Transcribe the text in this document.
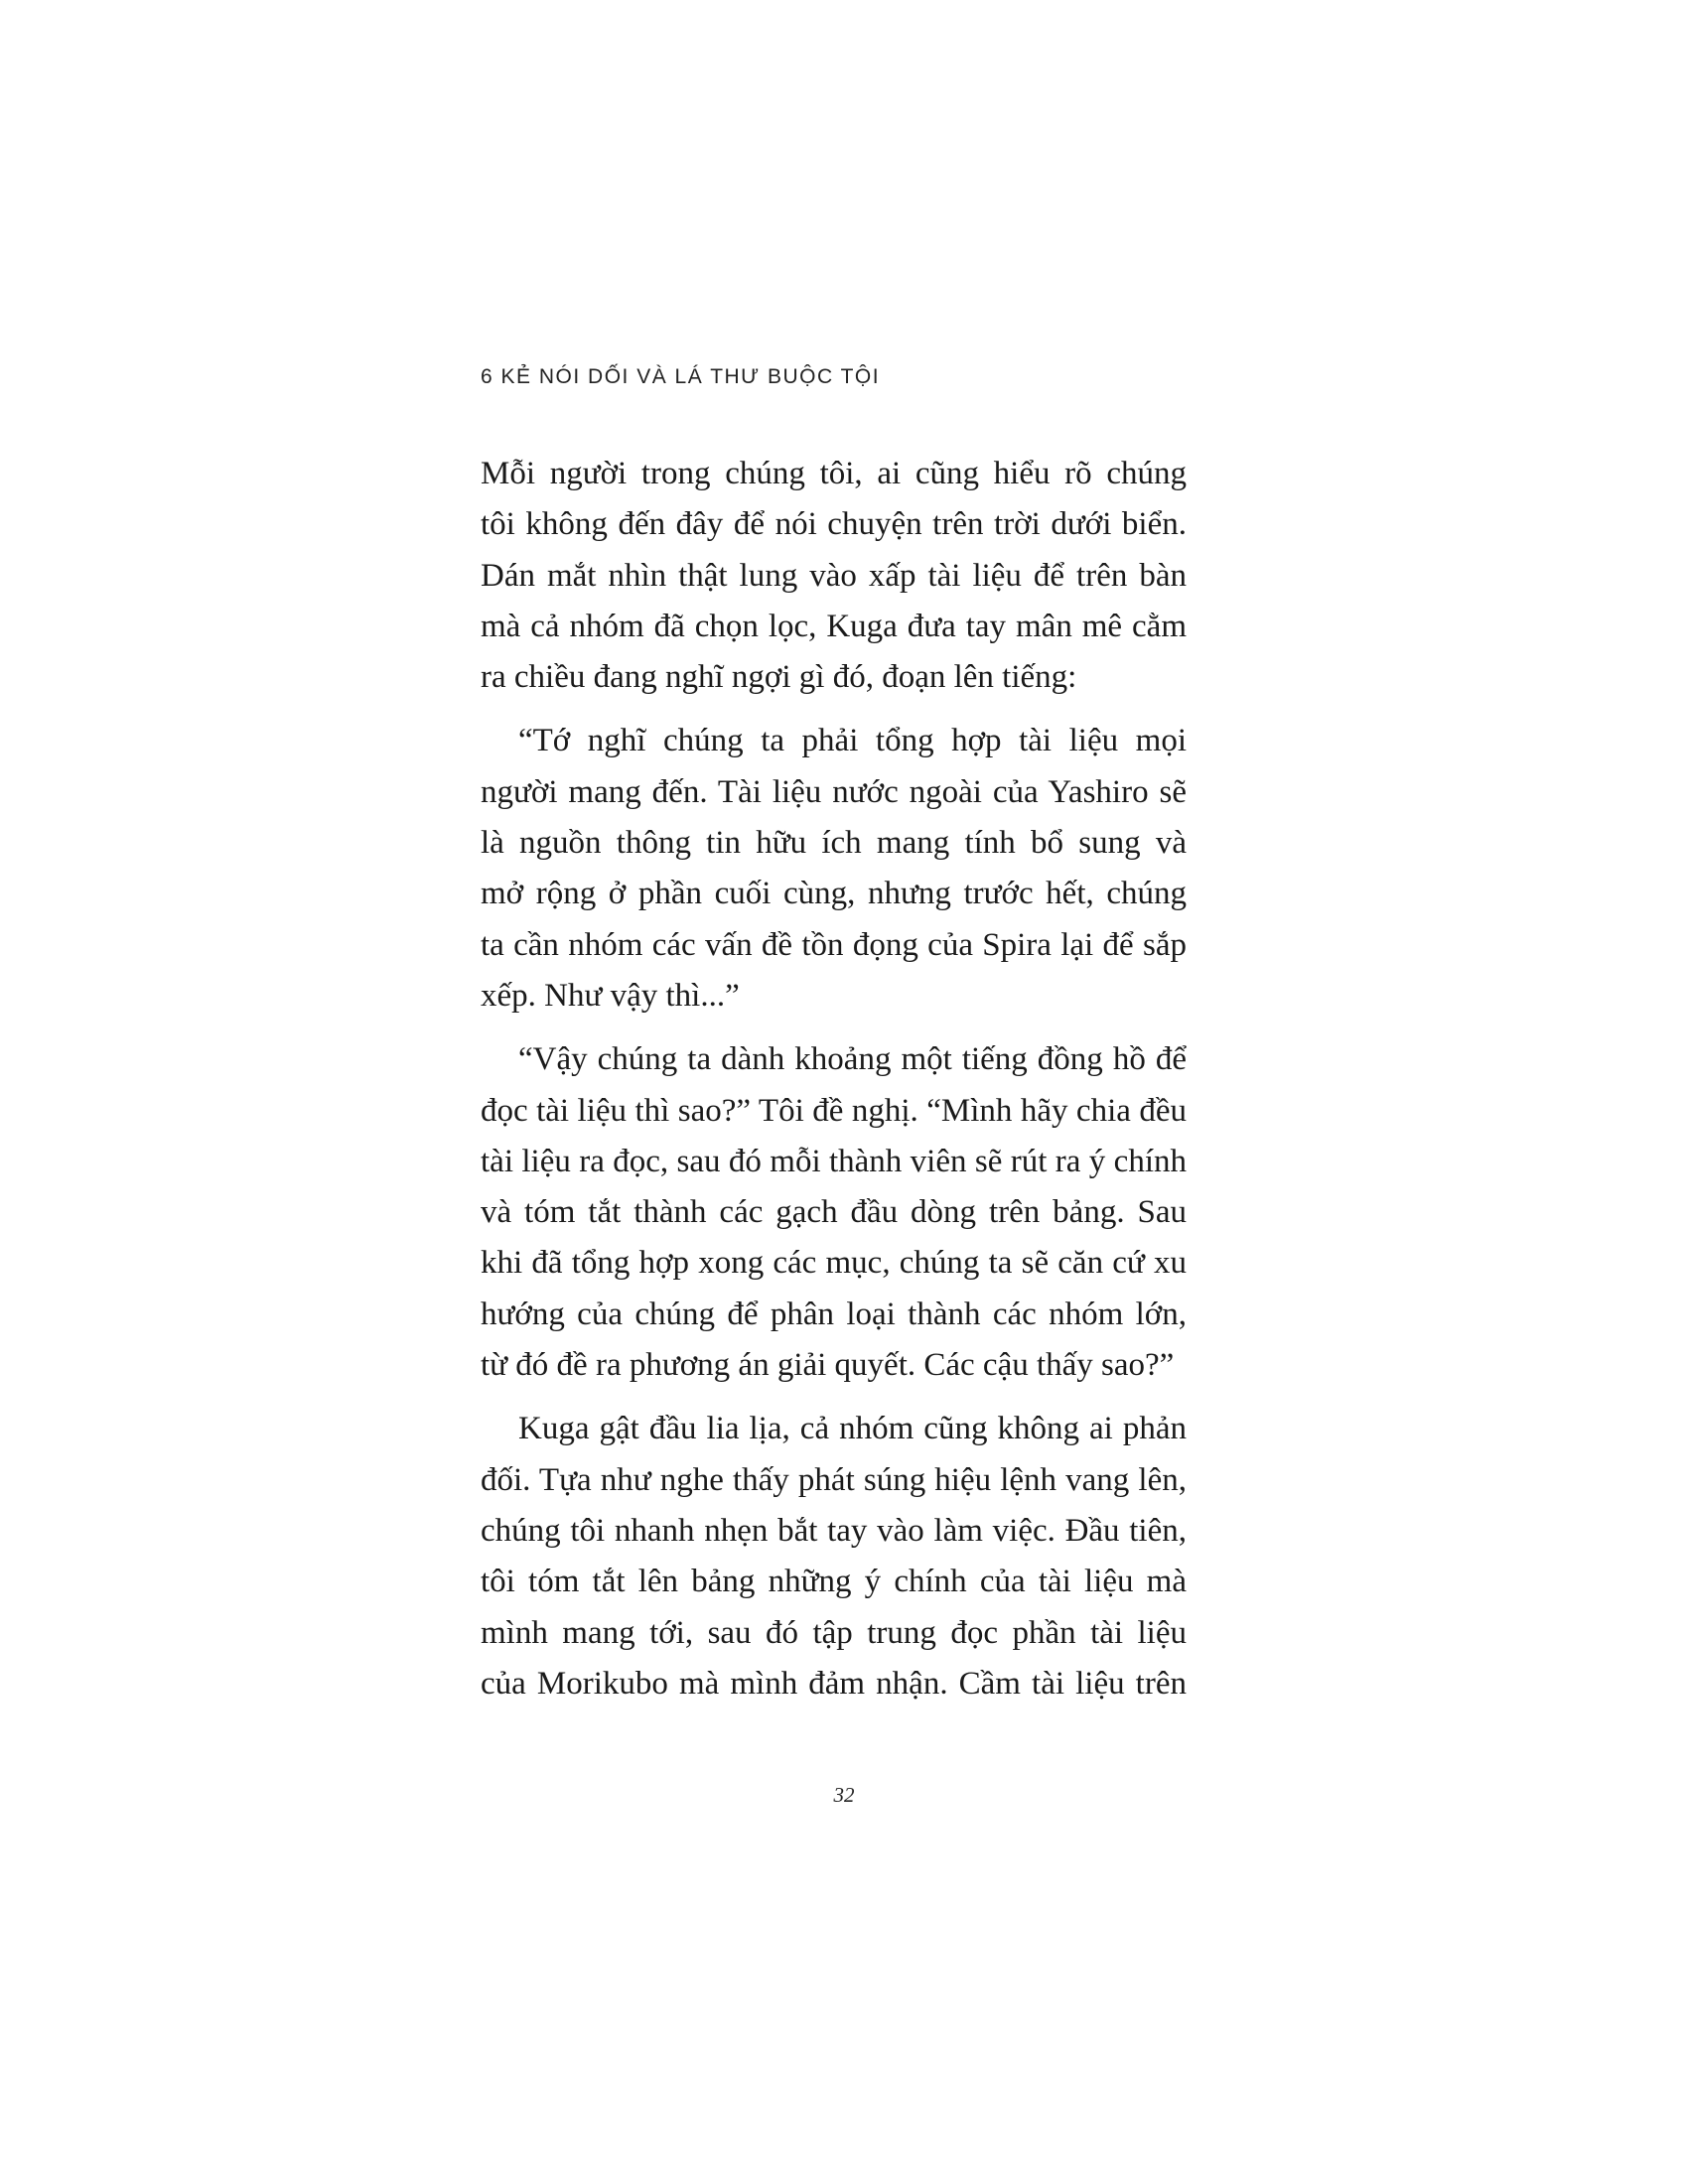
6 KẺ NÓI DỐI VÀ LÁ THƯ BUỘC TỘI
Mỗi người trong chúng tôi, ai cũng hiểu rõ chúng
tôi không đến đây để nói chuyện trên trời dưới biển.
Dán mắt nhìn thật lung vào xấp tài liệu để trên bàn
mà cả nhóm đã chọn lọc, Kuga đưa tay mân mê cằm
ra chiều đang nghĩ ngợi gì đó, đoạn lên tiếng:
“Tớ nghĩ chúng ta phải tổng hợp tài liệu mọi
người mang đến. Tài liệu nước ngoài của Yashiro sẽ
là nguồn thông tin hữu ích mang tính bổ sung và
mở rộng ở phần cuối cùng, nhưng trước hết, chúng
ta cần nhóm các vấn đề tồn đọng của Spira lại để sắp
xếp. Như vậy thì...”
“Vậy chúng ta dành khoảng một tiếng đồng hồ để
đọc tài liệu thì sao?” Tôi đề nghị. “Mình hãy chia đều
tài liệu ra đọc, sau đó mỗi thành viên sẽ rút ra ý chính
và tóm tắt thành các gạch đầu dòng trên bảng. Sau
khi đã tổng hợp xong các mục, chúng ta sẽ căn cứ xu
hướng của chúng để phân loại thành các nhóm lớn,
từ đó đề ra phương án giải quyết. Các cậu thấy sao?”
Kuga gật đầu lia lịa, cả nhóm cũng không ai phản
đối. Tựa như nghe thấy phát súng hiệu lệnh vang lên,
chúng tôi nhanh nhẹn bắt tay vào làm việc. Đầu tiên,
tôi tóm tắt lên bảng những ý chính của tài liệu mà
mình mang tới, sau đó tập trung đọc phần tài liệu
của Morikubo mà mình đảm nhận. Cầm tài liệu trên
32
